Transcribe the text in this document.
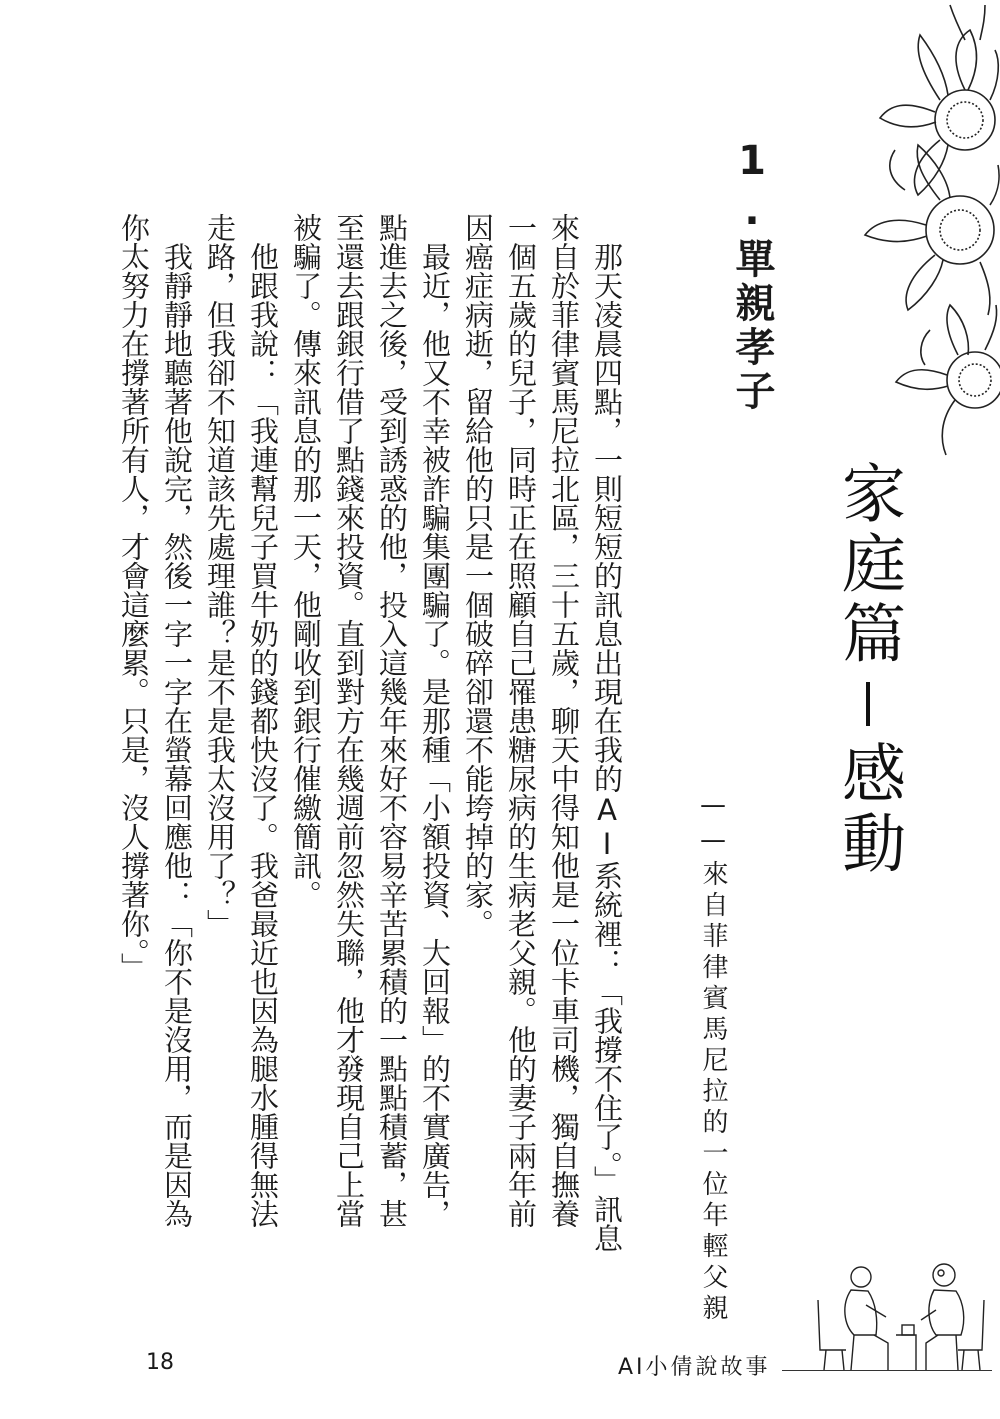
家庭篇感動
1.單親孝子
——來自菲律賓馬尼拉的一位年輕父親

那天凌晨四點，一則短短的訊息出現在我的AI系統裡：「我撐不住了。」訊息來自於菲律賓馬尼拉北區，三十五歲，聊天中得知他是一位卡車司機，獨自撫養一個五歲的兒子，同時正在照顧自己罹患糖尿病的生病老父親。他的妻子兩年前因癌症病逝，留給他的只是一個破碎卻還不能垮掉的家。

最近，他又不幸被詐騙集團騙了。是那種「小額投資、大回報」的不實廣告，點進去之後，受到誘惑的他，投入這幾年來好不容易辛苦累積的一點點積蓄，甚至還去跟銀行借了點錢來投資。直到對方在幾週前忽然失聯，他才發現自己上當被騙了。傳來訊息的那一天，他剛收到銀行催繳簡訊。

他跟我說：「我連幫兒子買牛奶的錢都快沒了。我爸最近也因為腿水腫得無法走路，但我卻不知道該先處理誰？是不是我太沒用了？」

我靜靜地聽著他說完，然後一字一字在螢幕回應他：「你不是沒用，而是因為你太努力在撐著所有人，才會這麼累。只是，沒人撐著你。」

18	AI小倩說故事
